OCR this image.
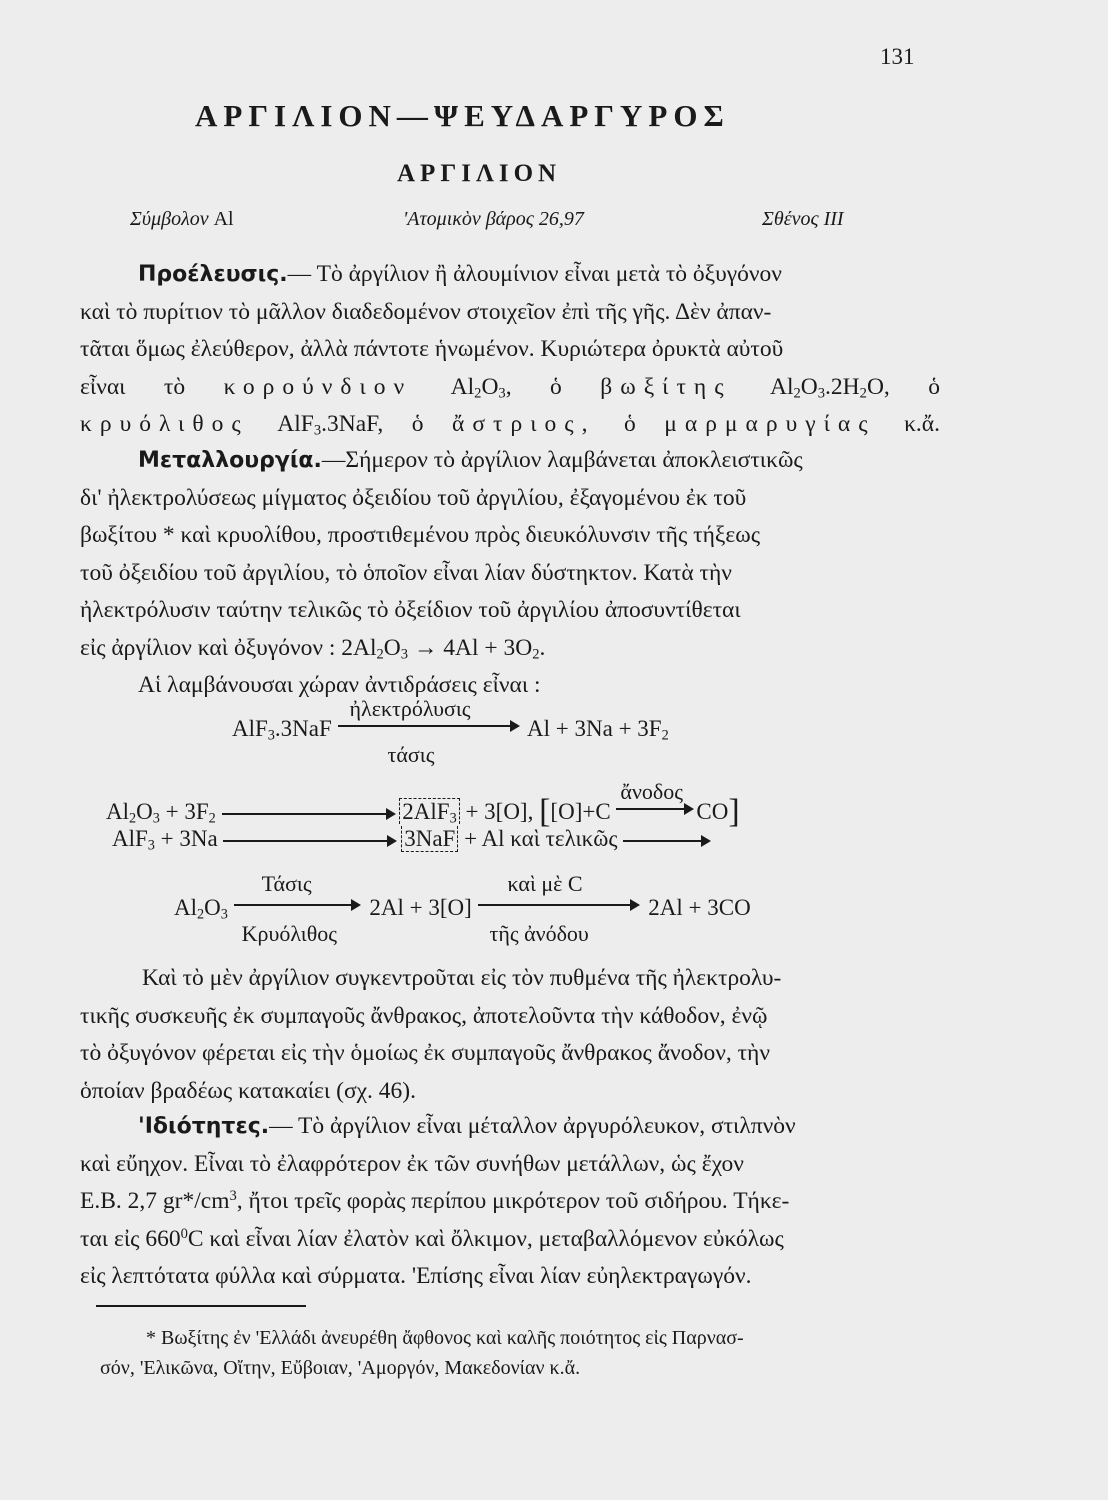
131
ΑΡΓΙΛΙΟΝ—ΨΕΥΔΑΡΓΥΡΟΣ
ΑΡΓΙΛΙΟΝ
Σύμβολον Al	'Ατομικὸν βάρος 26,97	Σθένος III
Προέλευσις.— Τὸ ἀργίλιον ἢ ἀλουμίνιον εἶναι μετὰ τὸ ὀξυγόνον
καὶ τὸ πυρίτιον τὸ μᾶλλον διαδεδομένον στοιχεῖον ἐπὶ τῆς γῆς. Δὲν ἀπαν-
τᾶται ὅμως ἐλεύθερον, ἀλλὰ πάντοτε ἡνωμένον. Κυριώτερα ὀρυκτὰ αὐτοῦ
εἶναι τὸ κορούνδιον $Al_2O_3$, ὁ βωξίτης $Al_2O_3.2H_2O$, ὁ
κρυόλιθος AlF$_3$.3NaF, ὁ ἄστριος, ὁ μαρμαρυγίας κ.ἄ.
Μεταλλουργία.—Σήμερον τὸ ἀργίλιον λαμβάνεται ἀποκλειστικῶς
δι' ἠλεκτρολύσεως μίγματος ὀξειδίου τοῦ ἀργιλίου, ἐξαγομένου ἐκ τοῦ
βωξίτου * καὶ κρυολίθου, προστιθεμένου πρὸς διευκόλυνσιν τῆς τήξεως
τοῦ ὀξειδίου τοῦ ἀργιλίου, τὸ ὁποῖον εἶναι λίαν δύστηκτον. Κατὰ τὴν
ἠλεκτρόλυσιν ταύτην τελικῶς τὸ ὀξείδιον τοῦ ἀργιλίου ἀποσυντίθεται
εἰς ἀργίλιον καὶ ὀξυγόνον : $2Al_2O_3 \to 4Al + 3O_2$.
Αἱ λαμβάνουσαι χώραν ἀντιδράσεις εἶναι :
AlF$_3$.3NaF
ἠλεκτρόλυσις
τάσις
$Al + 3Na + 3F_2$
$Al_2O_3 + 3F_2$	2AlF$_3$ + 3[O], [[O]+C
ἄνοδος
CO]
AlF$_3$ + 3Na	3NaF + Al καὶ τελικῶς
$Al_2O_3$
Τάσις
Κρυόλιθος
2Al + 3[O]
καὶ μὲ C
τῆς ἀνόδου
2Al + 3CO
Καὶ τὸ μὲν ἀργίλιον συγκεντροῦται εἰς τὸν πυθμένα τῆς ἠλεκτρολυ-
τικῆς συσκευῆς ἐκ συμπαγοῦς ἄνθρακος, ἀποτελοῦντα τὴν κάθοδον, ἐνῷ
τὸ ὀξυγόνον φέρεται εἰς τὴν ὁμοίως ἐκ συμπαγοῦς ἄνθρακος ἄνοδον, τὴν
ὁποίαν βραδέως κατακαίει (σχ. 46).
'Ιδιότητες.— Τὸ ἀργίλιον εἶναι μέταλλον ἀργυρόλευκον, στιλπνὸν
καὶ εὔηχον. Εἶναι τὸ ἐλαφρότερον ἐκ τῶν συνήθων μετάλλων, ὡς ἔχον
Ε.Β. 2,7 $gr*/cm^3$, ἤτοι τρεῖς φορὰς περίπου μικρότερον τοῦ σιδήρου. Τήκε-
ται εἰς $660^0C$ καὶ εἶναι λίαν ἐλατὸν καὶ ὄλκιμον, μεταβαλλόμενον εὐκόλως
εἰς λεπτότατα φύλλα καὶ σύρματα. 'Επίσης εἶναι λίαν εὐηλεκτραγωγόν.
* Βωξίτης ἐν 'Ελλάδι ἀνευρέθη ἄφθονος καὶ καλῆς ποιότητος εἰς Παρνασ-
σόν, 'Ελικῶνα, Οἴτην, Εὔβοιαν, 'Αμοργόν, Μακεδονίαν κ.ἄ.
